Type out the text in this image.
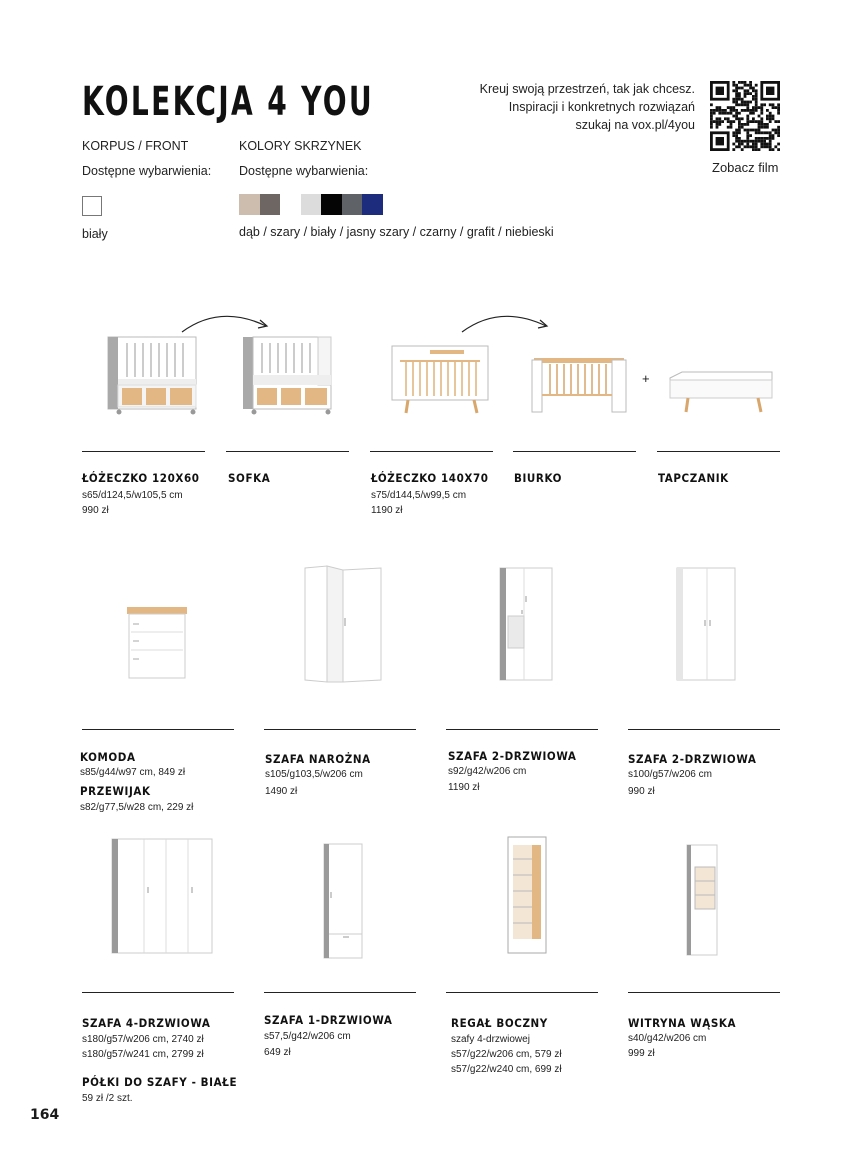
KOLEKCJA 4 YOU
KORPUS / FRONT
Dostępne wybarwienia:
biały
KOLORY SKRZYNEK
Dostępne wybarwienia:
dąb / szary / biały / jasny szary / czarny / grafit / niebieski
Kreuj swoją przestrzeń, tak jak chcesz.
Inspiracji i konkretnych rozwiązań
szukaj na vox.pl/4you
Zobacz film
+
ŁÓŻECZKO 120X60
s65/d124,5/w105,5 cm
990 zł
SOFKA	ŁÓŻECZKO 140X70
s75/d144,5/w99,5 cm
1190 zł
BIURKO	TAPCZANIK
KOMODA
s85/g44/w97 cm, 849 zł
PRZEWIJAK
s82/g77,5/w28 cm, 229 zł
SZAFA NAROŻNA
s105/g103,5/w206 cm
1490 zł
SZAFA 2-DRZWIOWA
s92/g42/w206 cm
1190 zł
SZAFA 2-DRZWIOWA
s100/g57/w206 cm
990 zł
SZAFA 4-DRZWIOWA
s180/g57/w206 cm, 2740 zł
s180/g57/w241 cm, 2799 zł
PÓŁKI DO SZAFY - BIAŁE
59 zł /2 szt.
SZAFA 1-DRZWIOWA
s57,5/g42/w206 cm
649 zł
REGAŁ BOCZNY
szafy 4-drzwiowej
s57/g22/w206 cm, 579 zł
s57/g22/w240 cm, 699 zł
WITRYNA WĄSKA
s40/g42/w206 cm
999 zł
164
